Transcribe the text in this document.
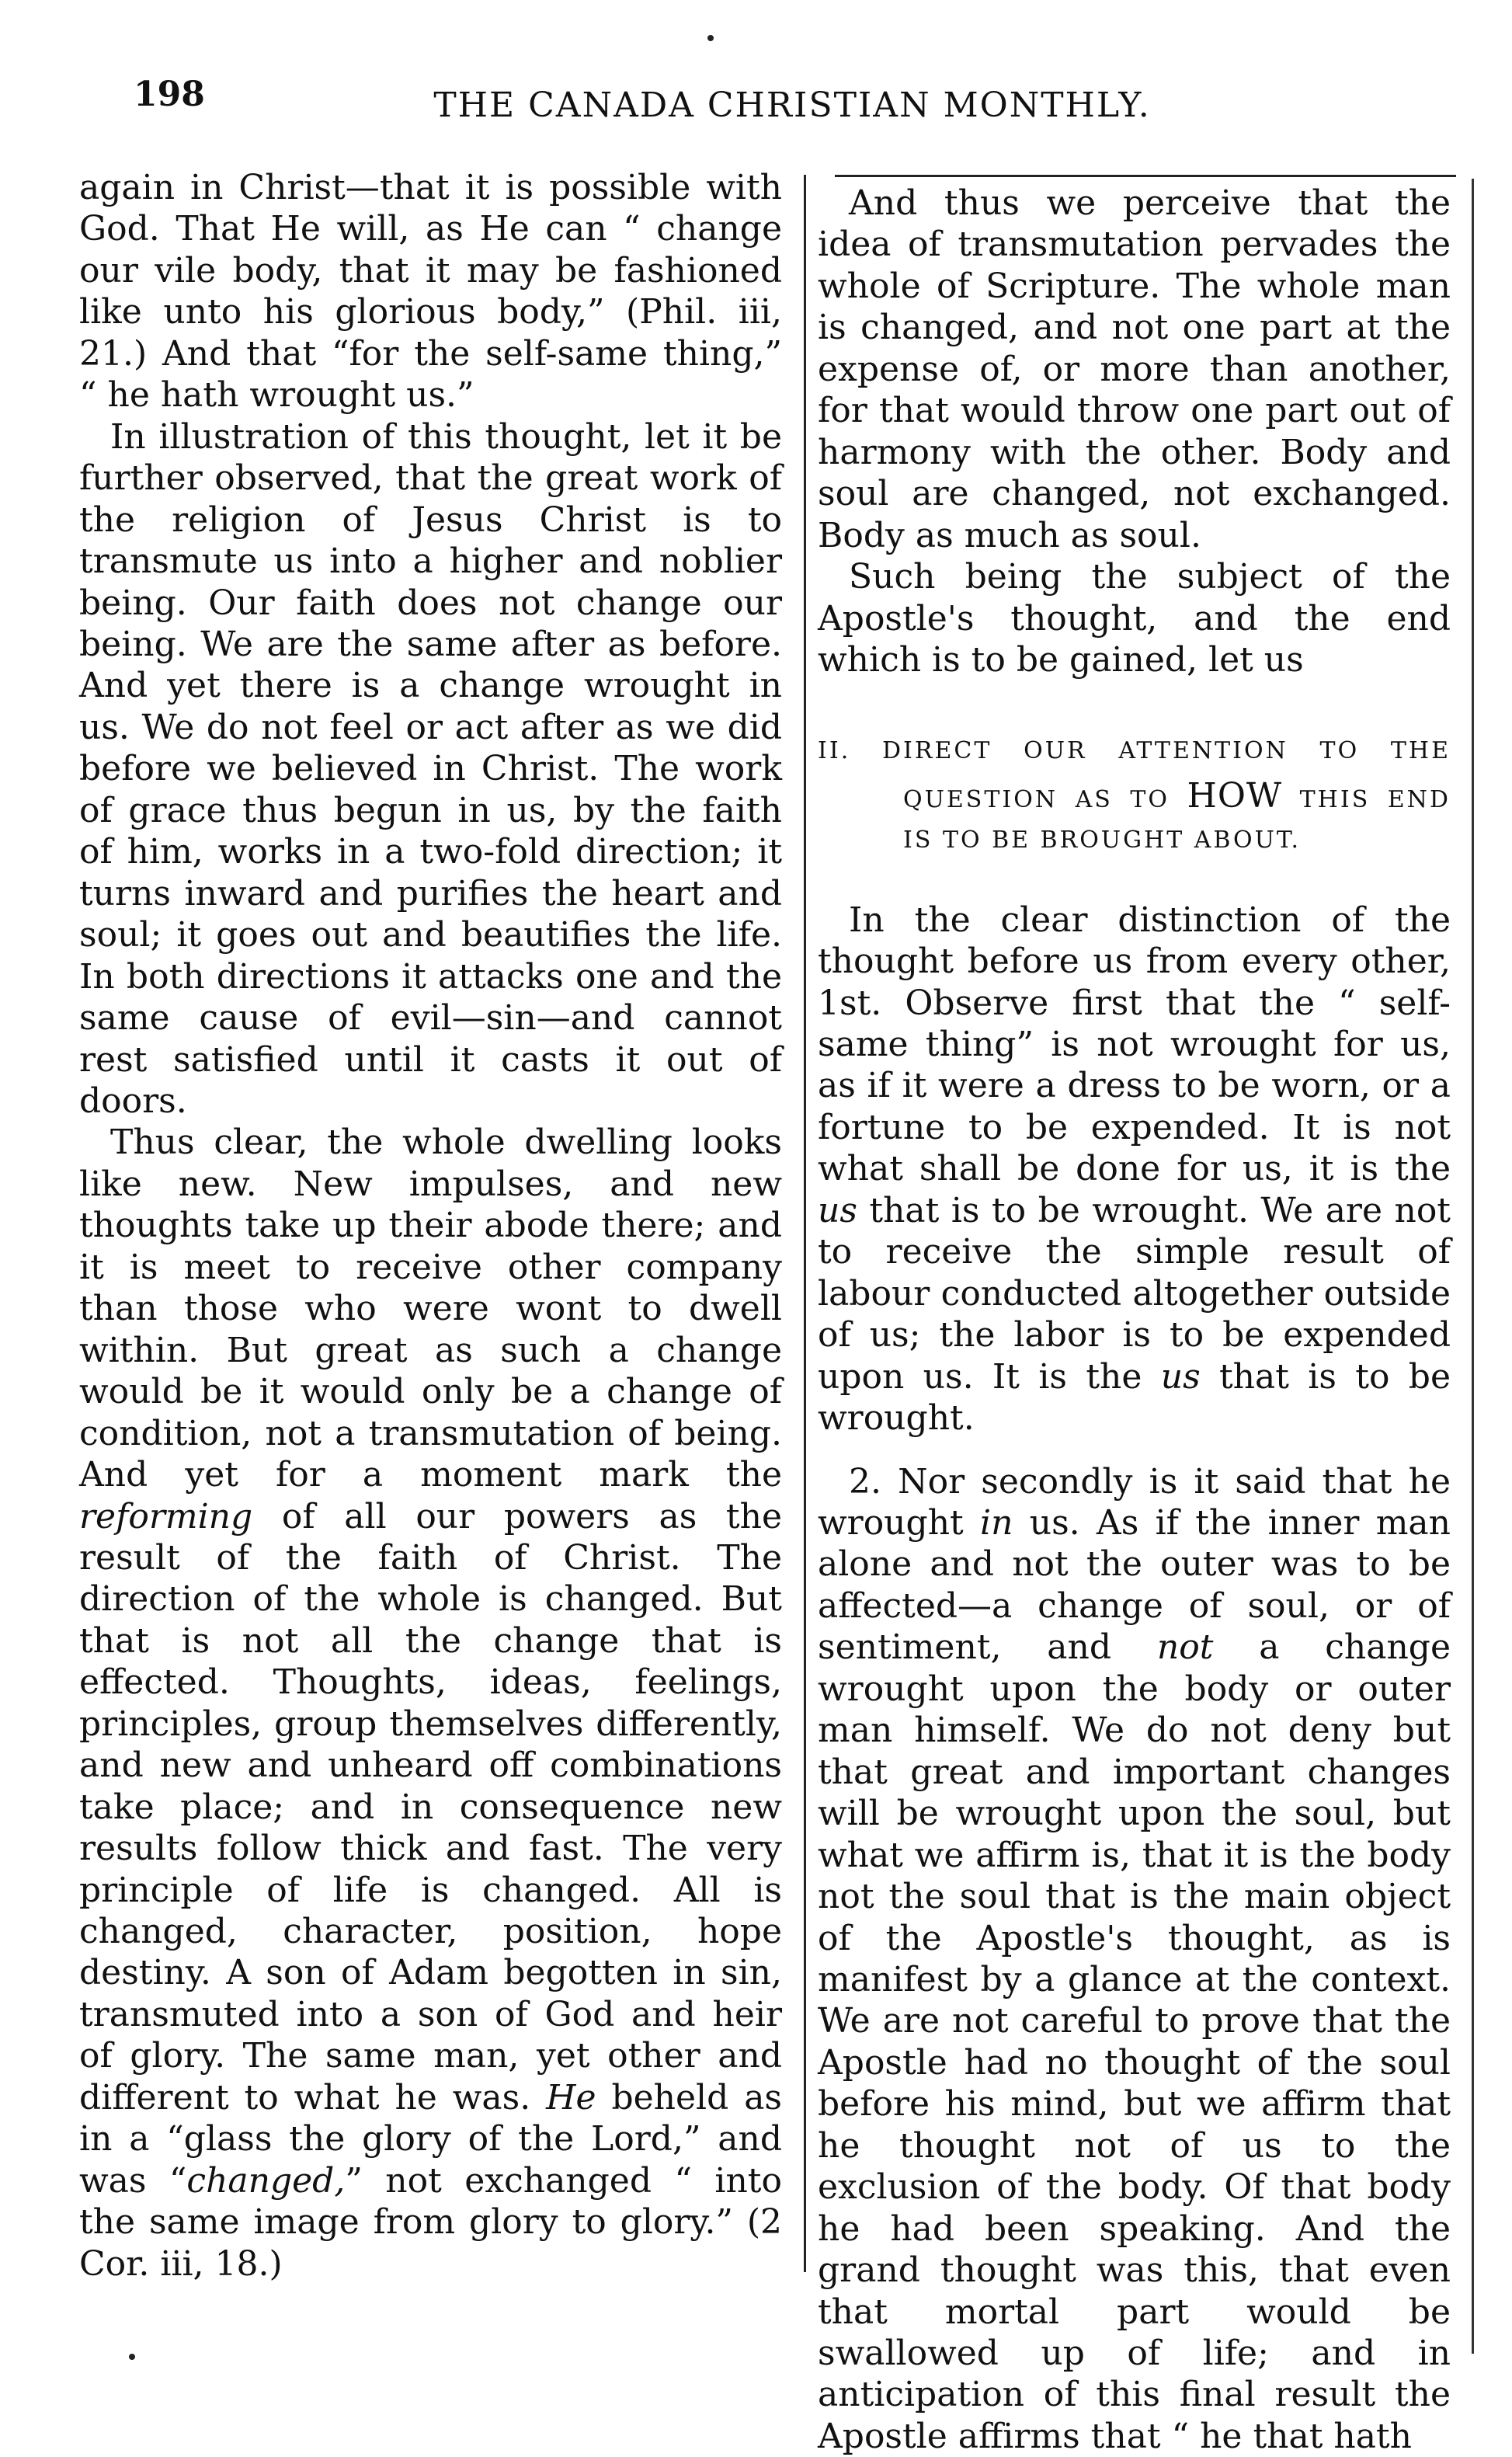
198	THE CANADA CHRISTIAN MONTHLY.

again in Christ—that it is possible with God. That He will, as He can “ change our vile body, that it may be fashioned like unto his glorious body,” (Phil. iii, 21.) And that “for the self-same thing,” “ he hath wrought us.”

In illustration of this thought, let it be further observed, that the great work of the religion of Jesus Christ is to transmute us into a higher and noblier being. Our faith does not change our being. We are the same after as before. And yet there is a change wrought in us. We do not feel or act after as we did before we believed in Christ. The work of grace thus begun in us, by the faith of him, works in a two-fold direction; it turns inward and purifies the heart and soul; it goes out and beautifies the life. In both directions it attacks one and the same cause of evil—sin—and cannot rest satisfied until it casts it out of doors.

Thus clear, the whole dwelling looks like new. New impulses, and new thoughts take up their abode there; and it is meet to receive other company than those who were wont to dwell within. But great as such a change would be it would only be a change of condition, not a transmutation of being. And yet for a moment mark the reforming of all our powers as the result of the faith of Christ. The direction of the whole is changed. But that is not all the change that is effected. Thoughts, ideas, feelings, principles, group themselves differently, and new and unheard off combinations take place; and in consequence new results follow thick and fast. The very principle of life is changed. All is changed, character, position, hope destiny. A son of Adam begotten in sin, transmuted into a son of God and heir of glory. The same man, yet other and different to what he was. He beheld as in a “glass the glory of the Lord,” and was “changed,” not exchanged “ into the same image from glory to glory.” (2 Cor. iii, 18.)

And thus we perceive that the idea of transmutation pervades the whole of Scripture. The whole man is changed, and not one part at the expense of, or more than another, for that would throw one part out of harmony with the other. Body and soul are changed, not exchanged. Body as much as soul.

Such being the subject of the Apostle's thought, and the end which is to be gained, let us

II. DIRECT OUR ATTENTION TO THE QUESTION AS TO HOW THIS END IS TO BE BROUGHT ABOUT.

In the clear distinction of the thought before us from every other, 1st. Observe first that the “ self-same thing” is not wrought for us, as if it were a dress to be worn, or a fortune to be expended. It is not what shall be done for us, it is the us that is to be wrought. We are not to receive the simple result of labour conducted altogether outside of us; the labor is to be expended upon us. It is the us that is to be wrought.

2. Nor secondly is it said that he wrought in us. As if the inner man alone and not the outer was to be affected—a change of soul, or of sentiment, and not a change wrought upon the body or outer man himself. We do not deny but that great and important changes will be wrought upon the soul, but what we affirm is, that it is the body not the soul that is the main object of the Apostle's thought, as is manifest by a glance at the context. We are not careful to prove that the Apostle had no thought of the soul before his mind, but we affirm that he thought not of us to the exclusion of the body. Of that body he had been speaking. And the grand thought was this, that even that mortal part would be swallowed up of life; and in anticipation of this final result the Apostle affirms that “ he that hath
